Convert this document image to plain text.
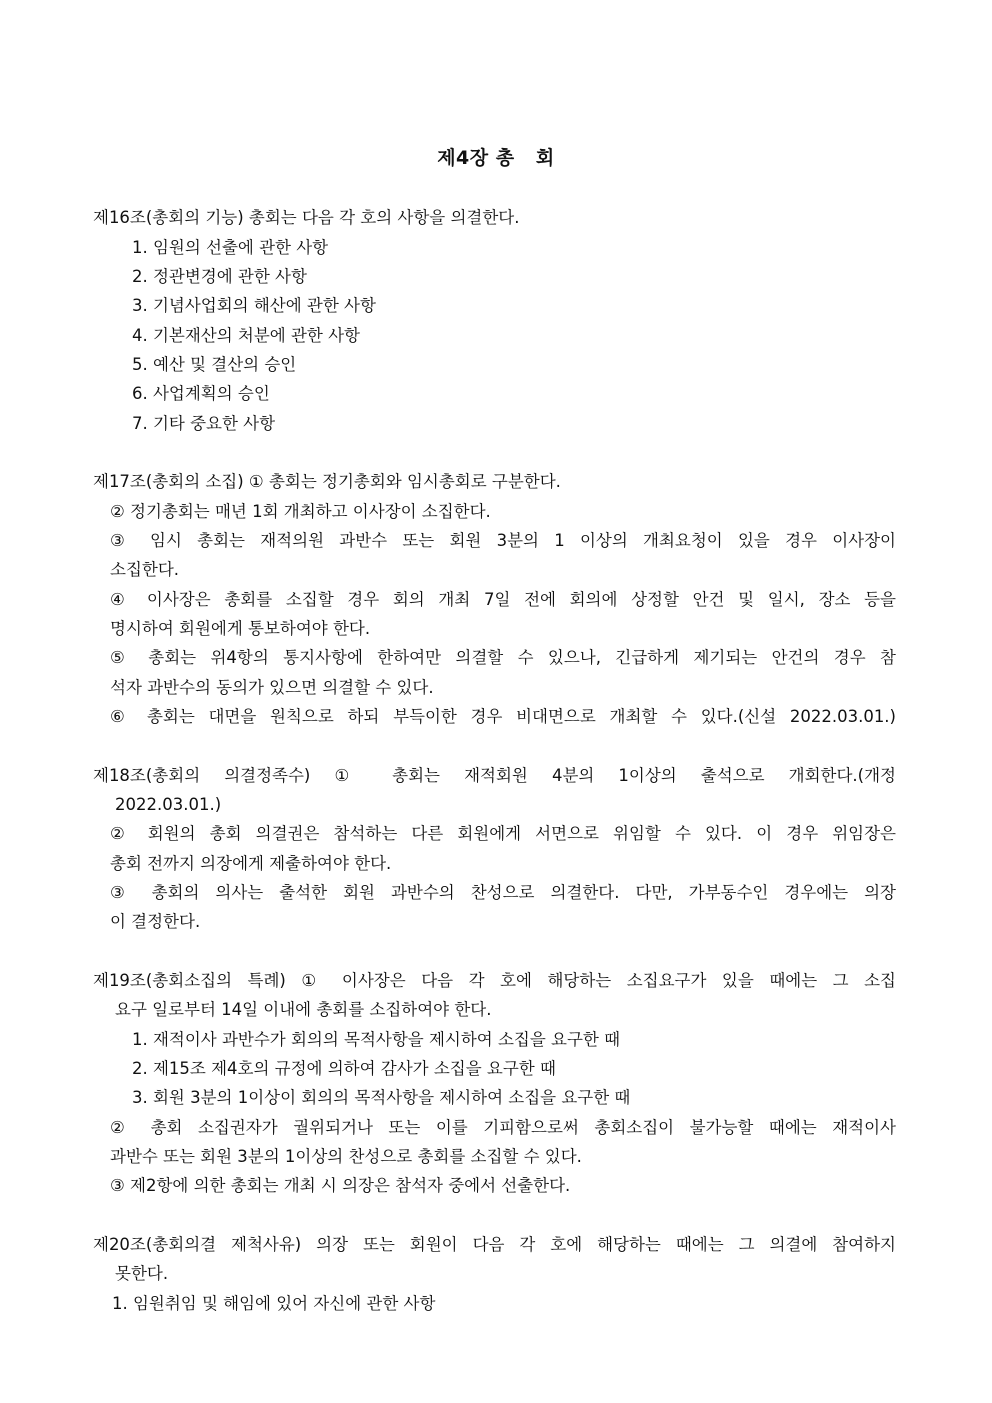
제4장 총   회
제16조(총회의 기능) 총회는 다음 각 호의 사항을 의결한다.
1. 임원의 선출에 관한 사항
2. 정관변경에 관한 사항
3. 기념사업회의 해산에 관한 사항
4. 기본재산의 처분에 관한 사항
5. 예산 및 결산의 승인
6. 사업계획의 승인
7. 기타 중요한 사항
제17조(총회의 소집) ① 총회는 정기총회와 임시총회로 구분한다.
② 정기총회는 매년 1회 개최하고 이사장이 소집한다.
③ 임시 총회는 재적의원 과반수 또는 회원 3분의 1 이상의 개최요청이 있을 경우 이사장이
소집한다.
④ 이사장은 총회를 소집할 경우 회의 개최 7일 전에 회의에 상정할 안건 및 일시, 장소 등을
명시하여 회원에게 통보하여야 한다.
⑤ 총회는 위4항의 통지사항에 한하여만 의결할 수 있으나, 긴급하게 제기되는 안건의 경우 참
석자 과반수의 동의가 있으면 의결할 수 있다.
⑥ 총회는 대면을 원칙으로 하되 부득이한 경우 비대면으로 개최할 수 있다.(신설 2022.03.01.)
제18조(총회의 의결정족수) ① 총회는 재적회원 4분의 1이상의 출석으로 개회한다.(개정
2022.03.01.)
② 회원의 총회 의결권은 참석하는 다른 회원에게 서면으로 위임할 수 있다. 이 경우 위임장은
총회 전까지 의장에게 제출하여야 한다.
③ 총회의 의사는 출석한 회원 과반수의 찬성으로 의결한다. 다만, 가부동수인 경우에는 의장
이 결정한다.
제19조(총회소집의 특례) ① 이사장은 다음 각 호에 해당하는 소집요구가 있을 때에는 그 소집
요구 일로부터 14일 이내에 총회를 소집하여야 한다.
1. 재적이사 과반수가 회의의 목적사항을 제시하여 소집을 요구한 때
2. 제15조 제4호의 규정에 의하여 감사가 소집을 요구한 때
3. 회원 3분의 1이상이 회의의 목적사항을 제시하여 소집을 요구한 때
② 총회 소집권자가 궐위되거나 또는 이를 기피함으로써 총회소집이 불가능할 때에는 재적이사
과반수 또는 회원 3분의 1이상의 찬성으로 총회를 소집할 수 있다.
③ 제2항에 의한 총회는 개최 시 의장은 참석자 중에서 선출한다.
제20조(총회의결 제척사유) 의장 또는 회원이 다음 각 호에 해당하는 때에는 그 의결에 참여하지
못한다.
1. 임원취임 및 해임에 있어 자신에 관한 사항
